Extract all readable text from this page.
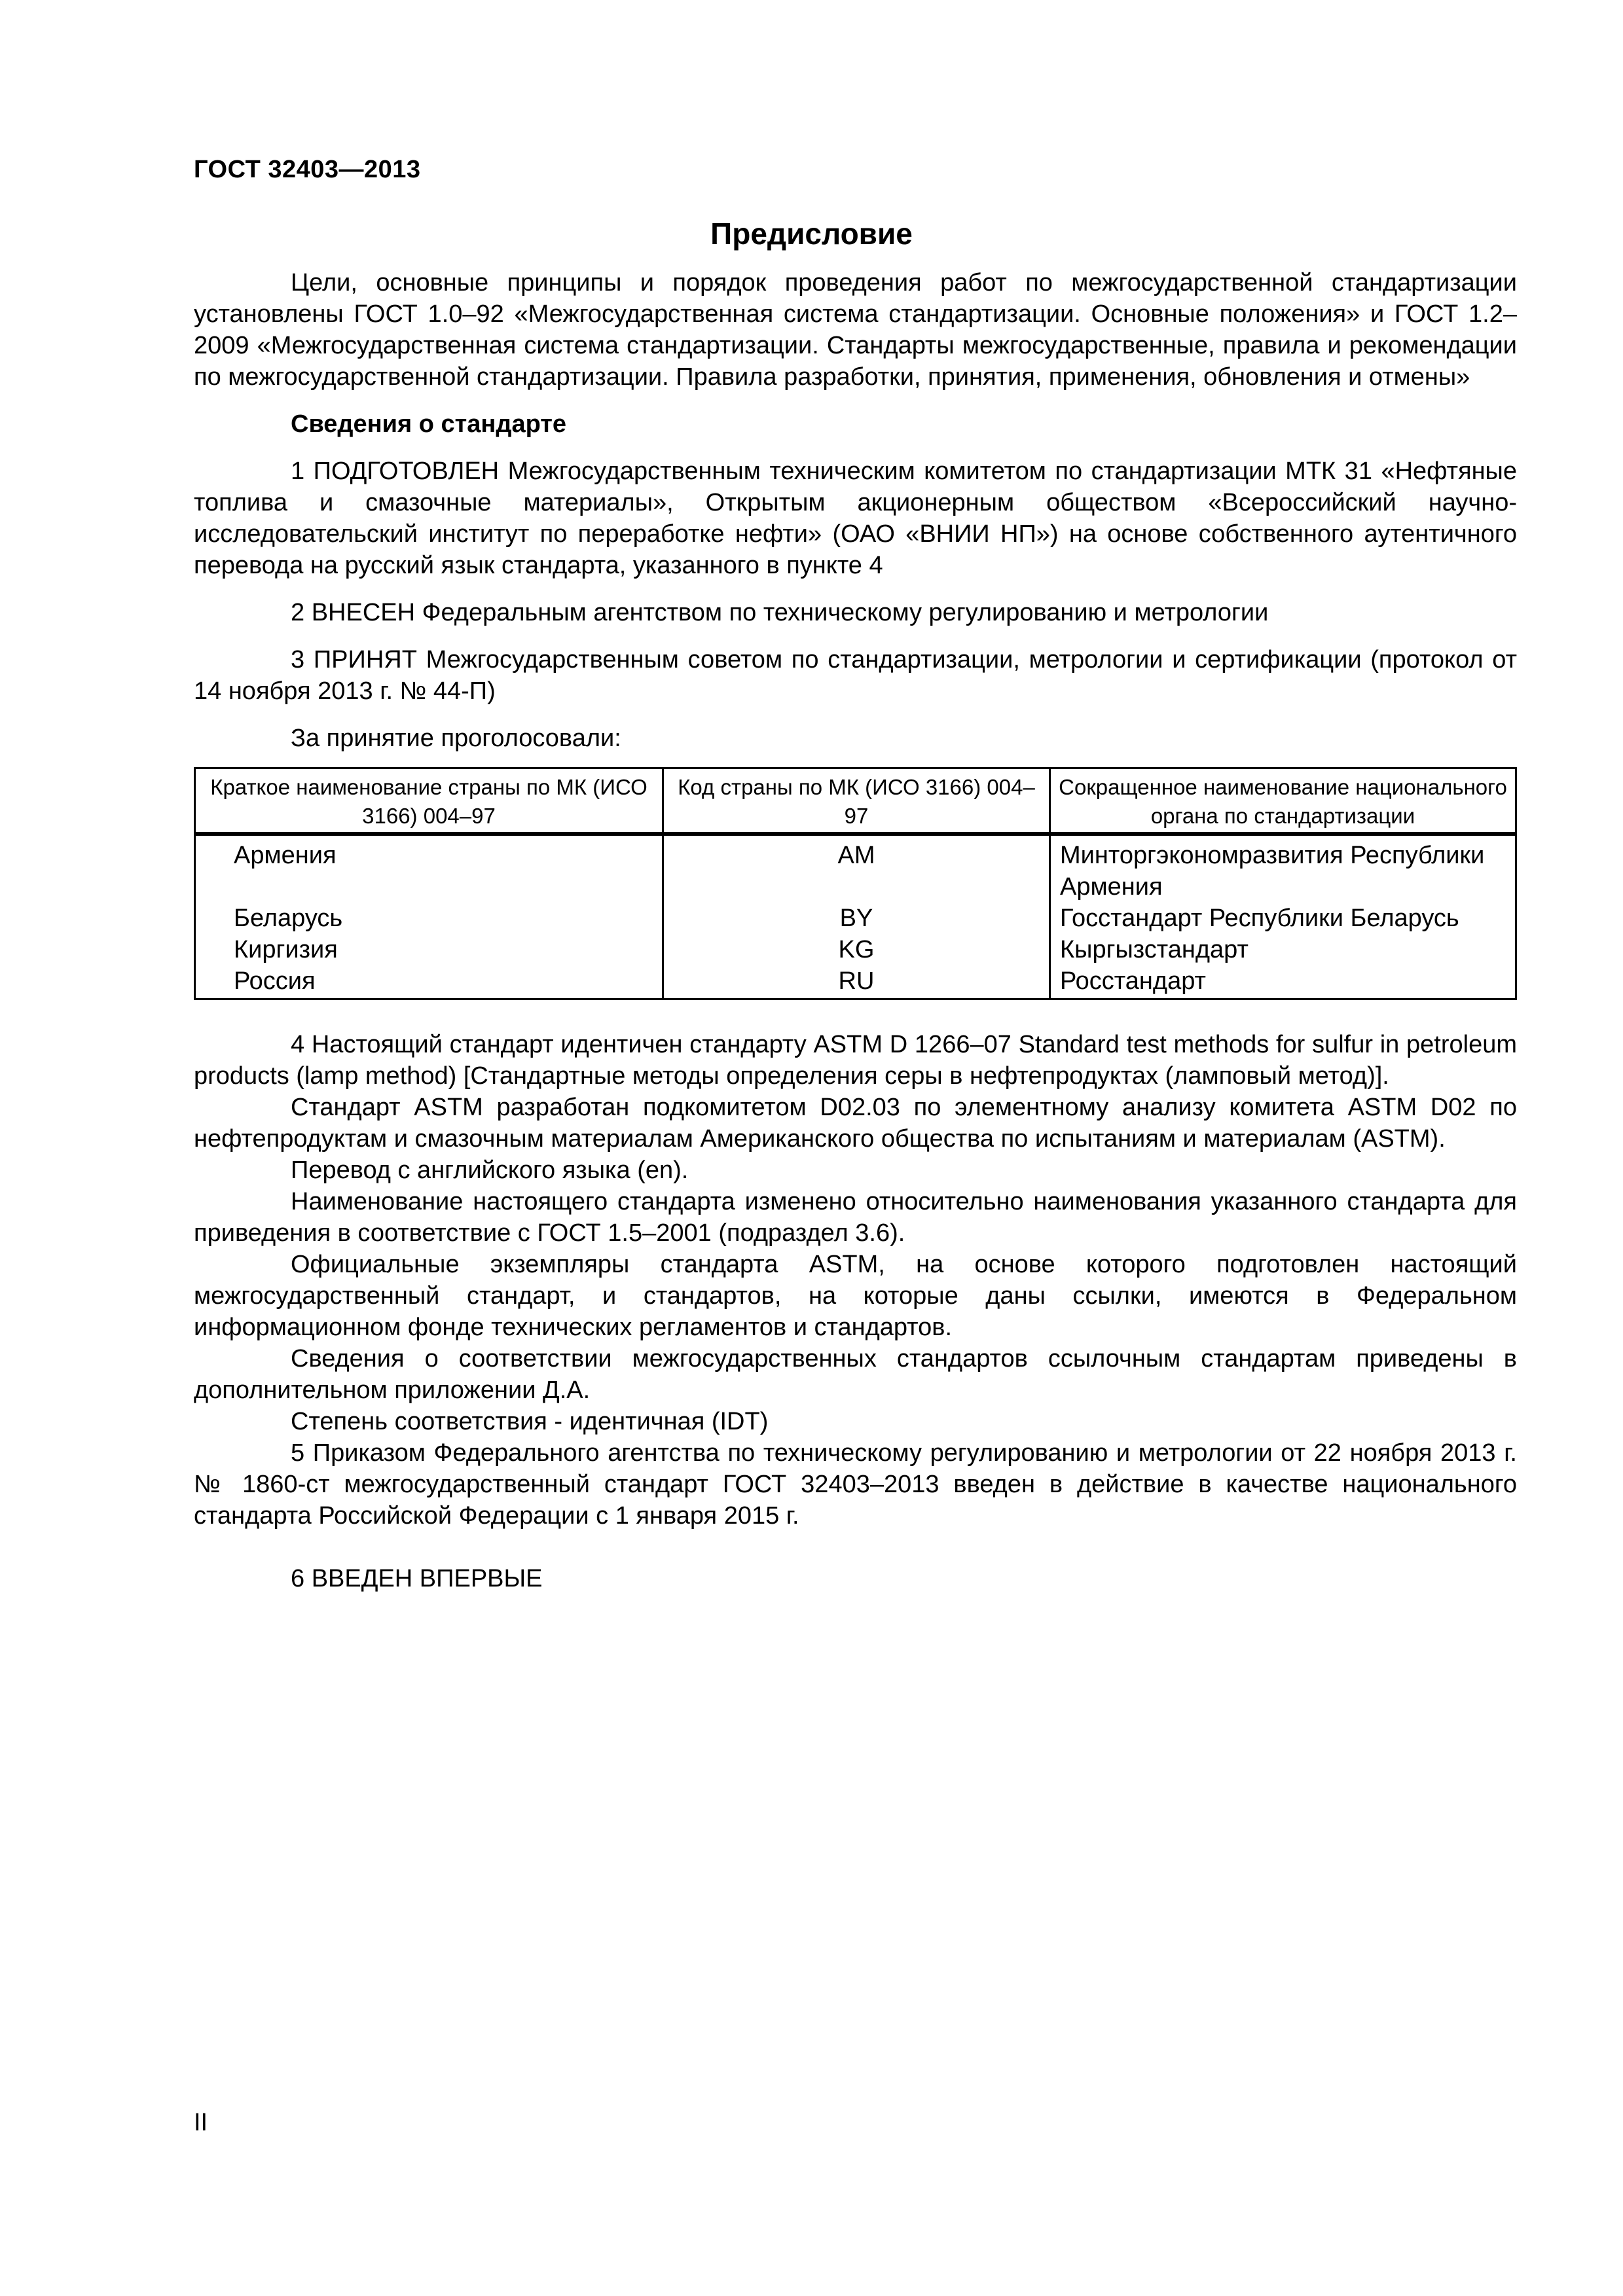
ГОСТ 32403—2013
Предисловие

Цели, основные принципы и порядок проведения работ по межгосударственной стандартизации установлены ГОСТ 1.0–92 «Межгосударственная система стандартизации. Основные положения» и ГОСТ 1.2–2009 «Межгосударственная система стандартизации. Стандарты межгосударственные, правила и рекомендации по межгосударственной стандартизации. Правила разработки, принятия, применения, обновления и отмены»

Сведения о стандарте

1 ПОДГОТОВЛЕН Межгосударственным техническим комитетом по стандартизации МТК 31 «Нефтяные топлива и смазочные материалы», Открытым акционерным обществом «Всероссийский научно-исследовательский институт по переработке нефти» (ОАО «ВНИИ НП») на основе собственного аутентичного перевода на русский язык стандарта, указанного в пункте 4

2 ВНЕСЕН Федеральным агентством по техническому регулированию и метрологии

3 ПРИНЯТ Межгосударственным советом по стандартизации, метрологии и сертификации (протокол от 14 ноября 2013 г. № 44-П)

За принятие проголосовали:

Краткое наименование страны по МК (ИСО 3166) 004–97	Код страны по МК (ИСО 3166) 004–97	Сокращенное наименование национального органа по стандартизации
Армения	AM	Минторгэкономразвития Республики Армения
Беларусь	BY	Госстандарт Республики Беларусь
Киргизия	KG	Кыргызстандарт
Россия	RU	Росстандарт

4 Настоящий стандарт идентичен стандарту ASTM D 1266–07 Standard test methods for sulfur in petroleum products (lamp method) [Стандартные методы определения серы в нефтепродуктах (ламповый метод)].

Стандарт ASTM разработан подкомитетом D02.03 по элементному анализу комитета ASTM D02 по нефтепродуктам и смазочным материалам Американского общества по испытаниям и материалам (ASTM).

Перевод с английского языка (en).

Наименование настоящего стандарта изменено относительно наименования указанного стандарта для приведения в соответствие с ГОСТ 1.5–2001 (подраздел 3.6).

Официальные экземпляры стандарта ASTM, на основе которого подготовлен настоящий межгосударственный стандарт, и стандартов, на которые даны ссылки, имеются в Федеральном информационном фонде технических регламентов и стандартов.

Сведения о соответствии межгосударственных стандартов ссылочным стандартам приведены в дополнительном приложении Д.А.

Степень соответствия - идентичная (IDT)

5 Приказом Федерального агентства по техническому регулированию и метрологии от 22 ноября 2013 г. № 1860-ст межгосударственный стандарт ГОСТ 32403–2013 введен в действие в качестве национального стандарта Российской Федерации с 1 января 2015 г.

6 ВВЕДЕН ВПЕРВЫЕ

II
